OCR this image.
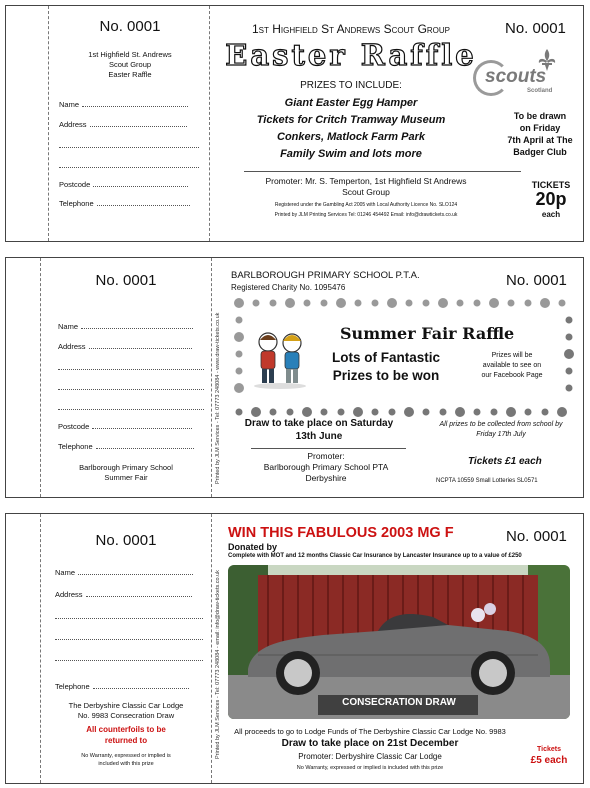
No. 0001
1st Highfield St. Andrews
Scout Group
Easter Raffle
Name
Address
Postcode
Telephone
1st Highfield St Andrews Scout Group
Easter Raffle
No. 0001
PRIZES TO INCLUDE:
Giant Easter Egg Hamper
Tickets for Critch Tramway Museum
Conkers, Matlock Farm Park
Family Swim and lots more
scouts
Scotland
To be drawn
on Friday
7th April at The
Badger Club
Promoter: Mr. S. Temperton, 1st Highfield St Andrews
Scout Group
Registered under the Gambling Act 2005 with Local Authority Licence No. SLO124
Printed by JLM Printing Services Tel: 01246 454492 Email: info@drawtickets.co.uk
TICKETS
20p
each
No. 0001
Name
Address
Postcode
Telephone
Barlborough Primary School
Summer Fair	Printed by JLM Services - Tel: 07773 248084 - www.draw-tickets.co.uk
BARLBOROUGH PRIMARY SCHOOL P.T.A.
Registered Charity No. 1095476	No. 0001
Summer Fair Raffle
Lots of Fantastic
Prizes to be won
Prizes will be
available to see on
our Facebook Page
Draw to take place on Saturday
13th June
All prizes to be collected from school by
Friday 17th July
Promoter:
Barlborough Primary School PTA
Derbyshire
Tickets £1 each
NCPTA 10559 Small Lotteries SL0571
No. 0001
Name
Address
Telephone
The Derbyshire Classic Car Lodge
No. 9983 Consecration Draw
All counterfoils to be
returned to
No Warranty, expressed or implied is
included with this prize
Printed by JLM Services - Tel: 07773 248084 - email: info@draw-tickets.co.uk
WIN THIS FABULOUS 2003 MG F	No. 0001
Donated by
Complete with MOT and 12 months Classic Car Insurance by Lancaster Insurance up to a value of £250
CONSECRATION DRAW
All proceeds to go to Lodge Funds of The Derbyshire Classic Car Lodge No. 9983
Draw to take place on 21st December
Promoter: Derbyshire Classic Car Lodge
No Warranty, expressed or implied is included with this prize
Tickets
£5 each
